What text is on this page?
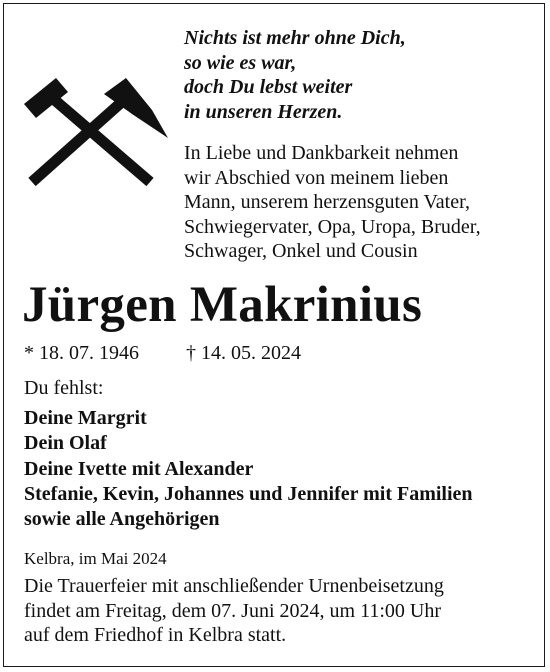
Nichts ist mehr ohne Dich,
so wie es war,
doch Du lebst weiter
in unseren Herzen.
In Liebe und Dankbarkeit nehmen
wir Abschied von meinem lieben
Mann, unserem herzensguten Vater,
Schwiegervater, Opa, Uropa, Bruder,
Schwager, Onkel und Cousin
Jürgen Makrinius
* 18. 07. 1946 † 14. 05. 2024
Du fehlst:
Deine Margrit
Dein Olaf
Deine Ivette mit Alexander
Stefanie, Kevin, Johannes und Jennifer mit Familien
sowie alle Angehörigen
Kelbra, im Mai 2024
Die Trauerfeier mit anschließender Urnenbeisetzung
findet am Freitag, dem 07. Juni 2024, um 11:00 Uhr
auf dem Friedhof in Kelbra statt.
